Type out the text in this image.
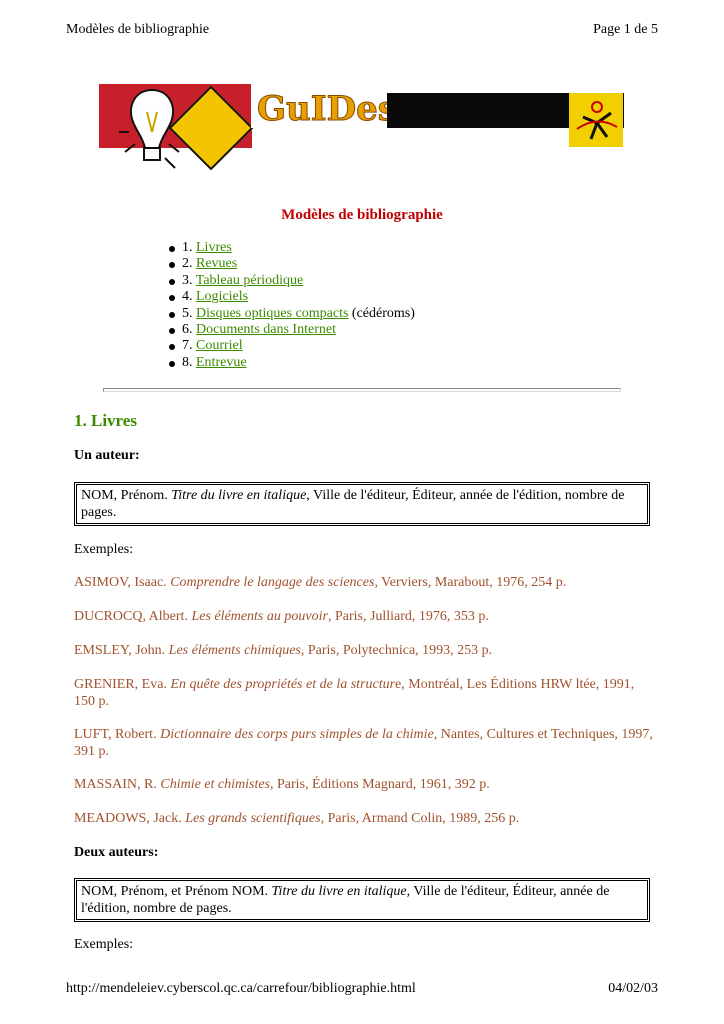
Modèles de bibliographie	Page 1 de 5
GuIDes
Modèles de bibliographie
1. Livres
2. Revues
3. Tableau périodique
4. Logiciels
5. Disques optiques compacts (cédéroms)
6. Documents dans Internet
7. Courriel
8. Entrevue
1. Livres
Un auteur:
NOM, Prénom. Titre du livre en italique, Ville de l'éditeur, Éditeur, année de l'édition, nombre de pages.
Exemples:
ASIMOV, Isaac. Comprendre le langage des sciences, Verviers, Marabout, 1976, 254 p.
DUCROCQ, Albert. Les éléments au pouvoir, Paris, Julliard, 1976, 353 p.
EMSLEY, John. Les éléments chimiques, Paris, Polytechnica, 1993, 253 p.
GRENIER, Eva. En quête des propriétés et de la structure, Montréal, Les Éditions HRW ltée, 1991, 150 p.
LUFT, Robert. Dictionnaire des corps purs simples de la chimie, Nantes, Cultures et Techniques, 1997, 391 p.
MASSAIN, R. Chimie et chimistes, Paris, Éditions Magnard, 1961, 392 p.
MEADOWS, Jack. Les grands scientifiques, Paris, Armand Colin, 1989, 256 p.
Deux auteurs:
NOM, Prénom, et Prénom NOM. Titre du livre en italique, Ville de l'éditeur, Éditeur, année de l'édition, nombre de pages.
Exemples:
http://mendeleiev.cyberscol.qc.ca/carrefour/bibliographie.html	04/02/03
